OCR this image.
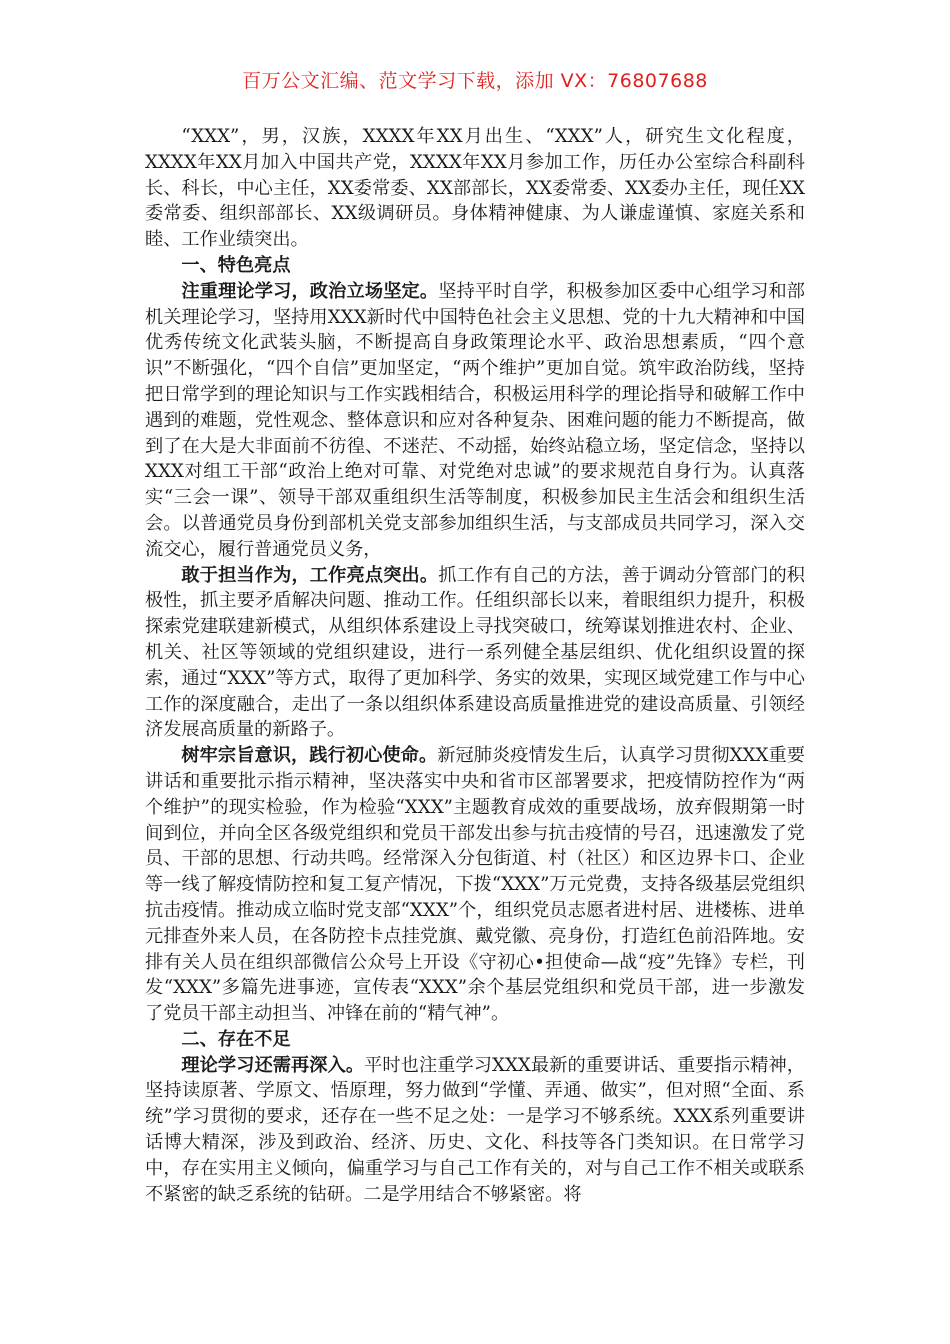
百万公文汇编、范文学习下载，添加 VX：76807688

“XXX”，男，汉族，XXXX年XX月出生、“XXX”人，研究生文化程度，XXXX年XX月加入中国共产党，XXXX年XX月参加工作，历任办公室综合科副科长、科长，中心主任，XX委常委、XX部部长，XX委常委、XX委办主任，现任XX委常委、组织部部长、XX级调研员。身体精神健康、为人谦虚谨慎、家庭关系和睦、工作业绩突出。

一、特色亮点

注重理论学习，政治立场坚定。坚持平时自学，积极参加区委中心组学习和部机关理论学习，坚持用XXX新时代中国特色社会主义思想、党的十九大精神和中国优秀传统文化武装头脑，不断提高自身政策理论水平、政治思想素质，“四个意识”不断强化，“四个自信”更加坚定，“两个维护”更加自觉。筑牢政治防线，坚持把日常学到的理论知识与工作实践相结合，积极运用科学的理论指导和破解工作中遇到的难题，党性观念、整体意识和应对各种复杂、困难问题的能力不断提高，做到了在大是大非面前不彷徨、不迷茫、不动摇，始终站稳立场，坚定信念，坚持以XXX对组工干部“政治上绝对可靠、对党绝对忠诚”的要求规范自身行为。认真落实“三会一课”、领导干部双重组织生活等制度，积极参加民主生活会和组织生活会。以普通党员身份到部机关党支部参加组织生活，与支部成员共同学习，深入交流交心，履行普通党员义务，

敢于担当作为，工作亮点突出。抓工作有自己的方法，善于调动分管部门的积极性，抓主要矛盾解决问题、推动工作。任组织部长以来，着眼组织力提升，积极探索党建联建新模式，从组织体系建设上寻找突破口，统筹谋划推进农村、企业、机关、社区等领域的党组织建设，进行一系列健全基层组织、优化组织设置的探索，通过“XXX”等方式，取得了更加科学、务实的效果，实现区域党建工作与中心工作的深度融合，走出了一条以组织体系建设高质量推进党的建设高质量、引领经济发展高质量的新路子。

树牢宗旨意识，践行初心使命。新冠肺炎疫情发生后，认真学习贯彻XXX重要讲话和重要批示指示精神，坚决落实中央和省市区部署要求，把疫情防控作为“两个维护”的现实检验，作为检验“XXX”主题教育成效的重要战场，放弃假期第一时间到位，并向全区各级党组织和党员干部发出参与抗击疫情的号召，迅速激发了党员、干部的思想、行动共鸣。经常深入分包街道、村（社区）和区边界卡口、企业等一线了解疫情防控和复工复产情况，下拨“XXX”万元党费，支持各级基层党组织抗击疫情。推动成立临时党支部“XXX”个，组织党员志愿者进村居、进楼栋、进单元排查外来人员，在各防控卡点挂党旗、戴党徽、亮身份，打造红色前沿阵地。安排有关人员在组织部微信公众号上开设《守初心•担使命—战“疫”先锋》专栏，刊发“XXX”多篇先进事迹，宣传表“XXX”余个基层党组织和党员干部，进一步激发了党员干部主动担当、冲锋在前的“精气神”。

二、存在不足

理论学习还需再深入。平时也注重学习XXX最新的重要讲话、重要指示精神，坚持读原著、学原文、悟原理，努力做到“学懂、弄通、做实”，但对照“全面、系统”学习贯彻的要求，还存在一些不足之处：一是学习不够系统。XXX系列重要讲话博大精深，涉及到政治、经济、历史、文化、科技等各门类知识。在日常学习中，存在实用主义倾向，偏重学习与自己工作有关的，对与自己工作不相关或联系不紧密的缺乏系统的钻研。二是学用结合不够紧密。将
